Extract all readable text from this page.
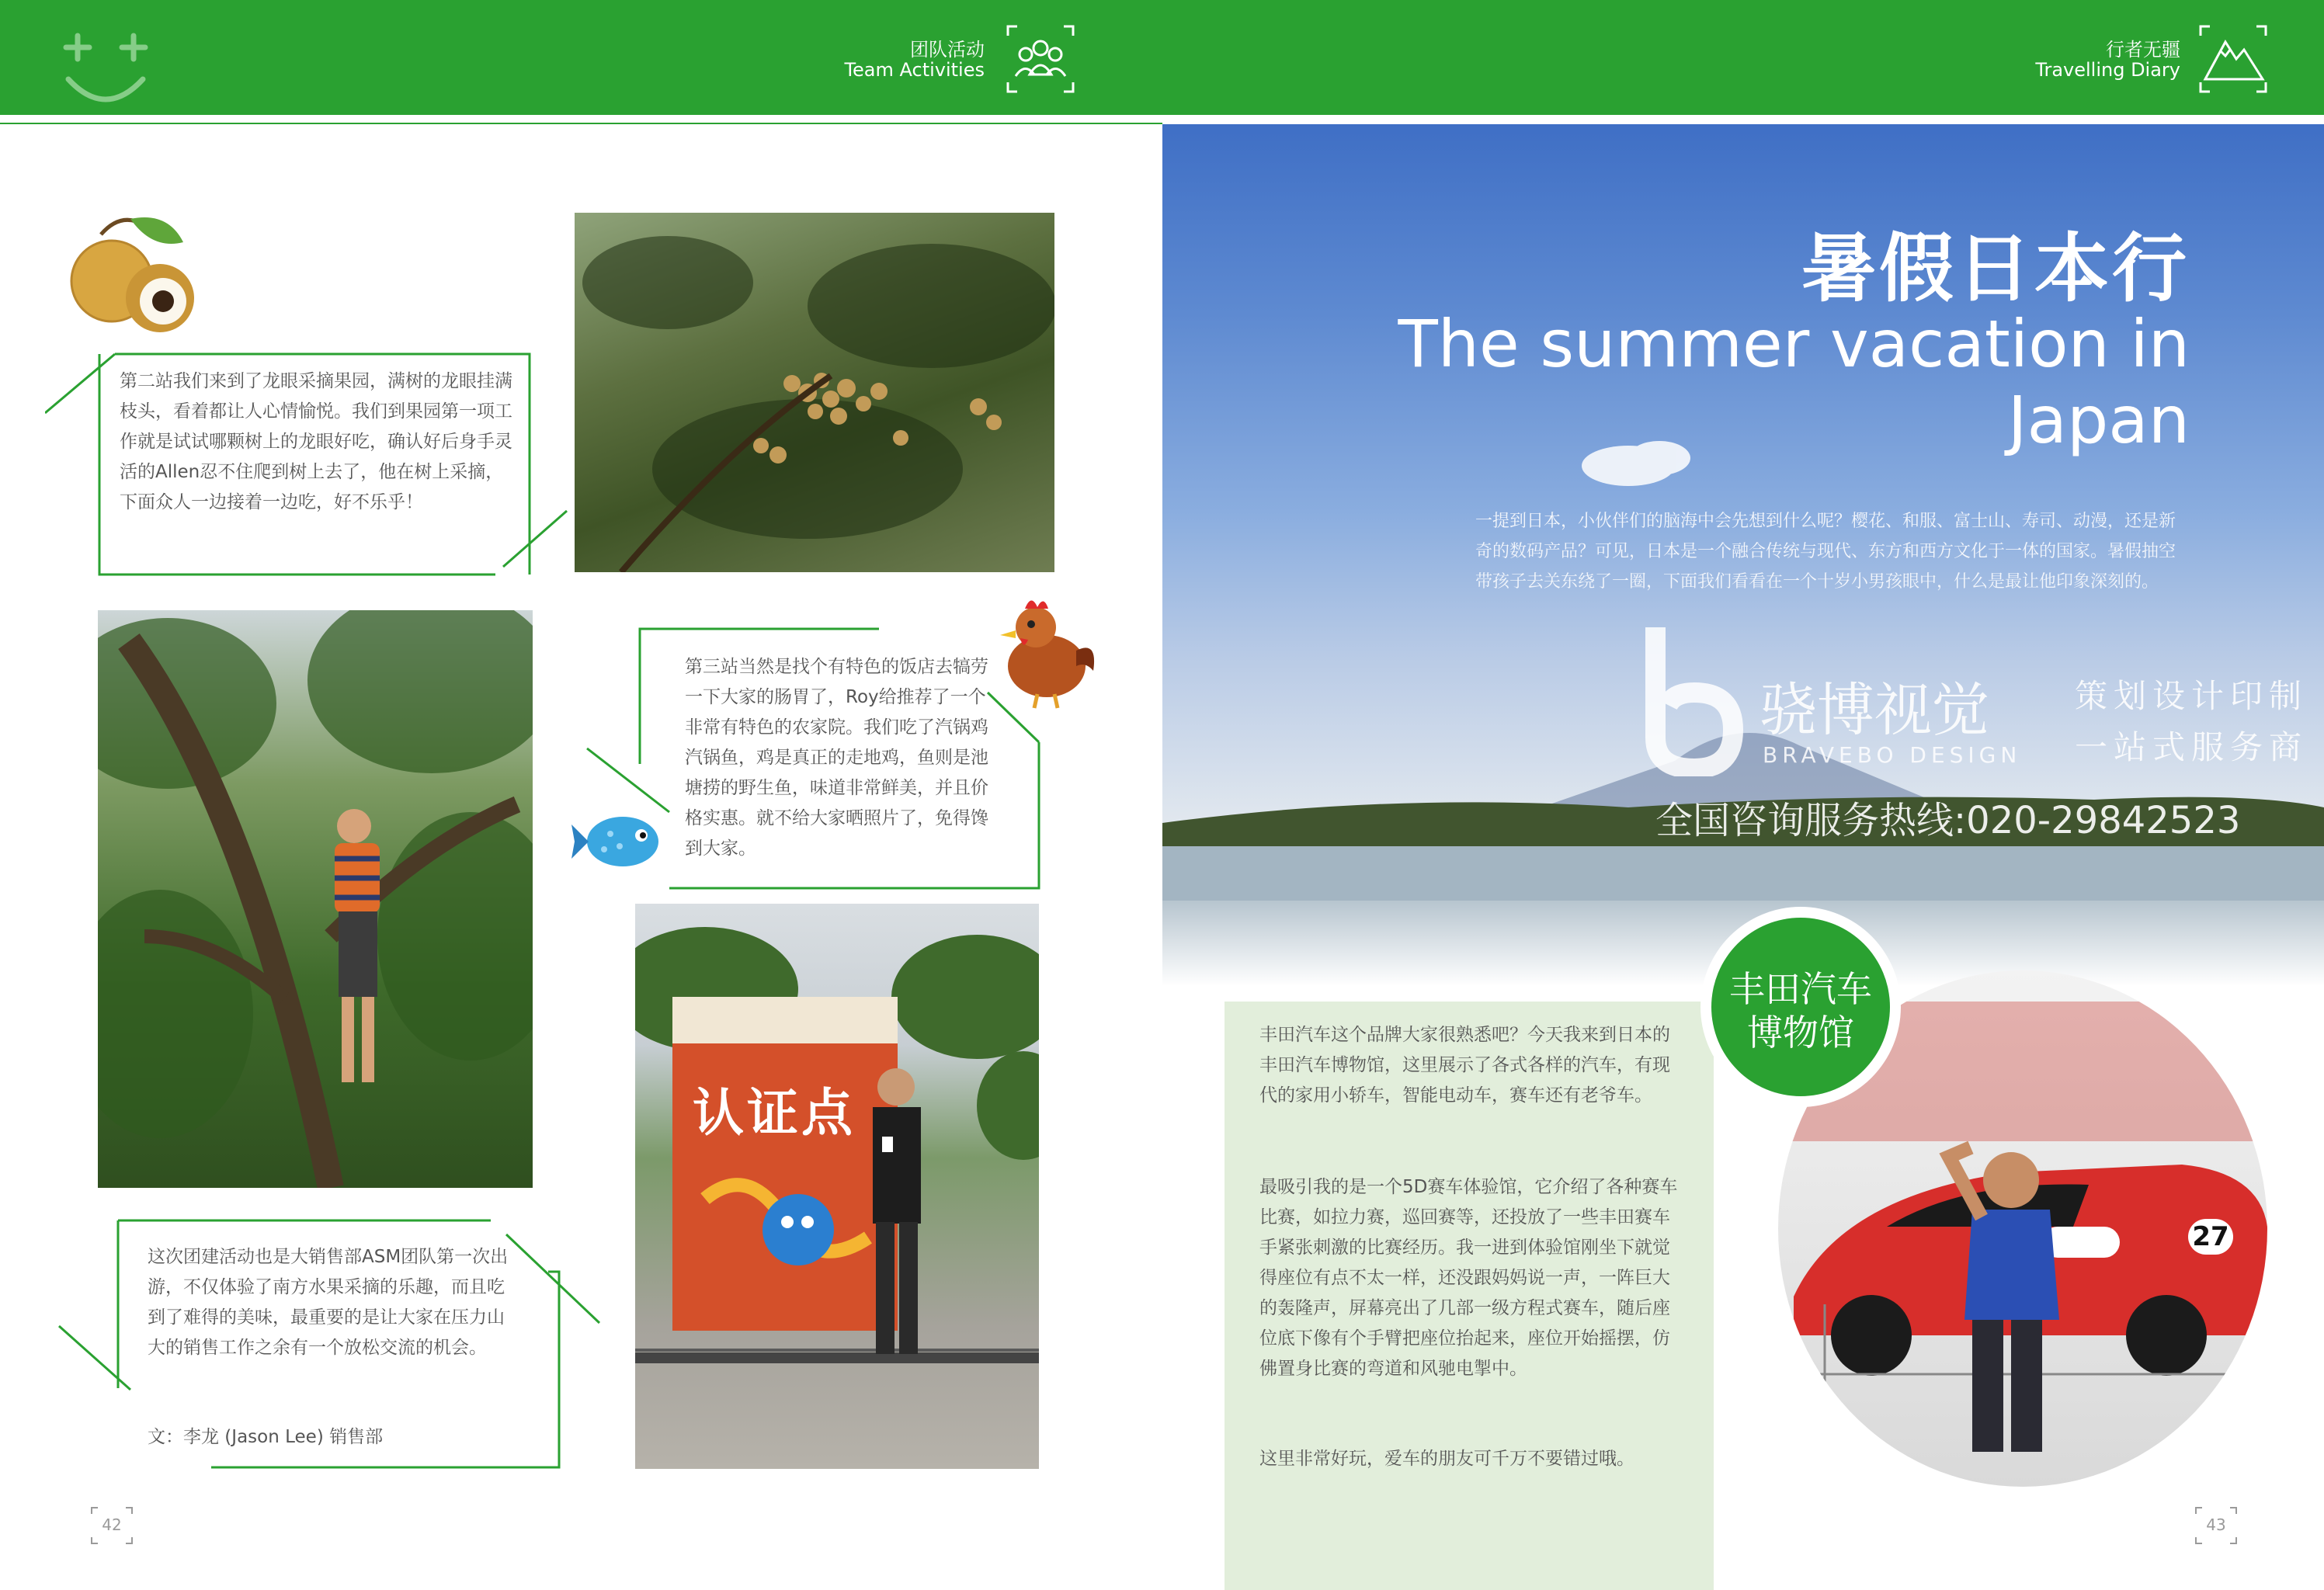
团队活动
Team Activities
行者无疆
Travelling Diary
第二站我们来到了龙眼采摘果园，满树的龙眼挂满枝头，看着都让人心情愉悦。我们到果园第一项工作就是试试哪颗树上的龙眼好吃，确认好后身手灵活的Allen忍不住爬到树上去了，他在树上采摘，下面众人一边接着一边吃，好不乐乎！
第三站当然是找个有特色的饭店去犒劳一下大家的肠胃了，Roy给推荐了一个非常有特色的农家院。我们吃了汽锅鸡汽锅鱼，鸡是真正的走地鸡，鱼则是池塘捞的野生鱼，味道非常鲜美，并且价格实惠。就不给大家晒照片了，免得馋到大家。
认证点
这次团建活动也是大销售部ASM团队第一次出游，不仅体验了南方水果采摘的乐趣，而且吃到了难得的美味，最重要的是让大家在压力山大的销售工作之余有一个放松交流的机会。
文：李龙 (Jason Lee) 销售部
42
暑假日本行
The summer vacation in Japan
一提到日本，小伙伴们的脑海中会先想到什么呢？樱花、和服、富士山、寿司、动漫，还是新奇的数码产品？可见，日本是一个融合传统与现代、东方和西方文化于一体的国家。暑假抽空带孩子去关东绕了一圈，下面我们看看在一个十岁小男孩眼中，什么是最让他印象深刻的。
骁博视觉
BRAVEBO DESIGN
策划设计印制
一站式服务商
全国咨询服务热线:020-29842523
丰田汽车这个品牌大家很熟悉吧？今天我来到日本的丰田汽车博物馆，这里展示了各式各样的汽车，有现代的家用小轿车，智能电动车，赛车还有老爷车。
最吸引我的是一个5D赛车体验馆，它介绍了各种赛车比赛，如拉力赛，巡回赛等，还投放了一些丰田赛车手紧张刺激的比赛经历。我一进到体验馆刚坐下就觉得座位有点不太一样，还没跟妈妈说一声，一阵巨大的轰隆声，屏幕亮出了几部一级方程式赛车，随后座位底下像有个手臂把座位抬起来，座位开始摇摆，仿佛置身比赛的弯道和风驰电掣中。
这里非常好玩，爱车的朋友可千万不要错过哦。
27
丰田汽车
博物馆
43
